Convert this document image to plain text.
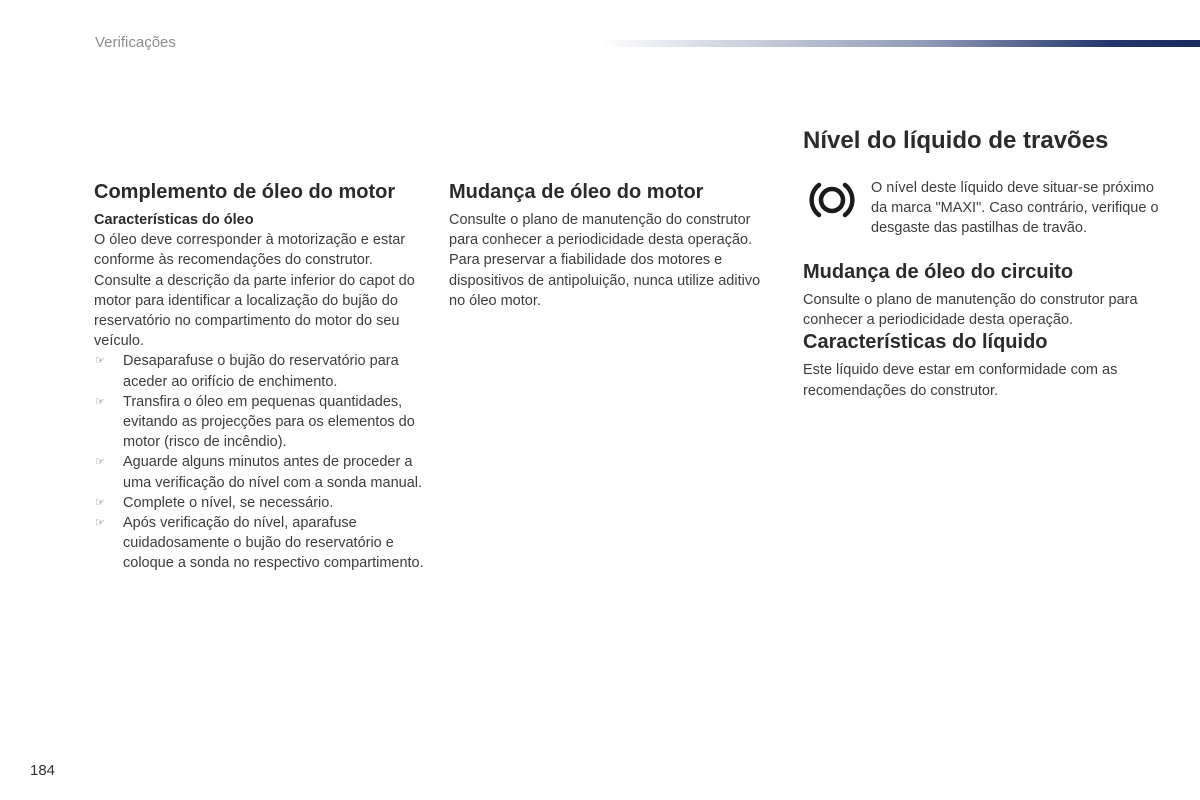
Verificações
Complemento de óleo do motor

Características do óleo

O óleo deve corresponder à motorização e estar conforme às recomendações do construtor.

Consulte a descrição da parte inferior do capot do motor para identificar a localização do bujão do reservatório no compartimento do motor do seu veículo.

☞ Desaparafuse o bujão do reservatório para aceder ao orifício de enchimento.
☞ Transfira o óleo em pequenas quantidades, evitando as projecções para os elementos do motor (risco de incêndio).
☞ Aguarde alguns minutos antes de proceder a uma verificação do nível com a sonda manual.
☞ Complete o nível, se necessário.
☞ Após verificação do nível, aparafuse cuidadosamente o bujão do reservatório e coloque a sonda no respectivo compartimento.
Mudança de óleo do motor

Consulte o plano de manutenção do construtor para conhecer a periodicidade desta operação. Para preservar a fiabilidade dos motores e dispositivos de antipoluição, nunca utilize aditivo no óleo motor.

Nível do líquido de travões

O nível deste líquido deve situar-se próximo da marca "MAXI". Caso contrário, verifique o desgaste das pastilhas de travão.

Mudança de óleo do circuito

Consulte o plano de manutenção do construtor para conhecer a periodicidade desta operação.

Características do líquido

Este líquido deve estar em conformidade com as recomendações do construtor.

184
